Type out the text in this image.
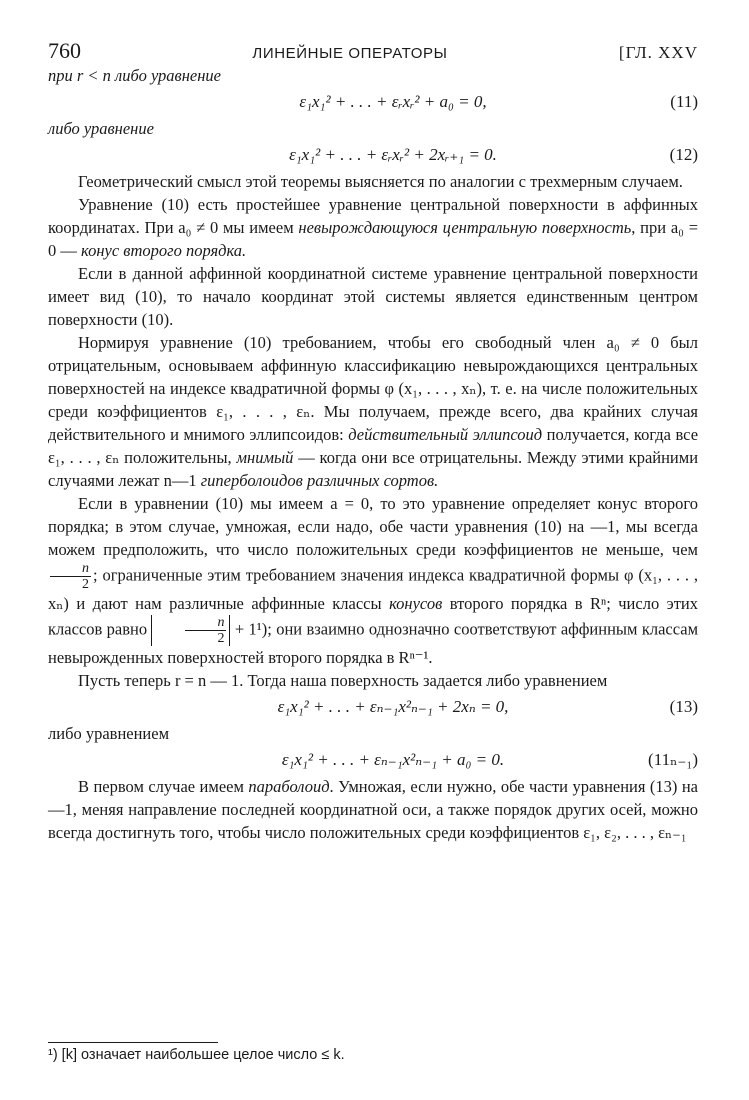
760	ЛИНЕЙНЫЕ ОПЕРАТОРЫ	[ГЛ. XXV

при r < n либо уравнение

ε₁x₁² + . . . + εᵣxᵣ² + a₀ = 0,	(11)

либо уравнение

ε₁x₁² + . . . + εᵣxᵣ² + 2xᵣ₊₁ = 0.	(12)

Геометрический смысл этой теоремы выясняется по аналогии с трехмерным случаем.

Уравнение (10) есть простейшее уравнение центральной поверхности в аффинных координатах. При a₀ ≠ 0 мы имеем невырождающуюся центральную поверхность, при a₀ = 0 — конус второго порядка.

Если в данной аффинной координатной системе уравнение центральной поверхности имеет вид (10), то начало координат этой системы является единственным центром поверхности (10).

Нормируя уравнение (10) требованием, чтобы его свободный член a₀ ≠ 0 был отрицательным, основываем аффинную классификацию невырождающихся центральных поверхностей на индексе квадратичной формы φ (x₁, . . . , xₙ), т. е. на числе положительных среди коэффициентов ε₁, . . . , εₙ. Мы получаем, прежде всего, два крайних случая действительного и мнимого эллипсоидов: действительный эллипсоид получается, когда все ε₁, . . . , εₙ положительны, мнимый — когда они все отрицательны. Между этими крайними случаями лежат n—1 гиперболоидов различных сортов.

Если в уравнении (10) мы имеем a = 0, то это уравнение определяет конус второго порядка; в этом случае, умножая, если надо, обе части уравнения (10) на —1, мы всегда можем предположить, что число положительных среди коэффициентов не меньше, чем
$\frac{n}{2}$ ; ограниченные этим требованием значения индекса квадратичной формы φ (x₁, . . . , xₙ) и дают нам различные аффинные классы конусов второго порядка в Rⁿ; число этих классов равно	$\frac{n}{2} + 1^1$); они взаимно однозначно соответствуют аффинным классам невырожденных поверхностей второго порядка в Rⁿ⁻¹.

Пусть теперь r = n — 1. Тогда наша поверхность задается либо уравнением

ε₁x₁² + . . . + εₙ₋₁x²ₙ₋₁ + 2xₙ = 0,	(13)

либо уравнением

ε₁x₁² + . . . + εₙ₋₁x²ₙ₋₁ + a₀ = 0.	(11ₙ₋₁)

В первом случае имеем параболоид. Умножая, если нужно, обе части уравнения (13) на —1, меняя направление последней координатной оси, а также порядок других осей, можно всегда достигнуть того, чтобы число положительных среди коэффициентов ε₁, ε₂, . . . , εₙ₋₁

¹) [k] означает наибольшее целое число ≤ k.
